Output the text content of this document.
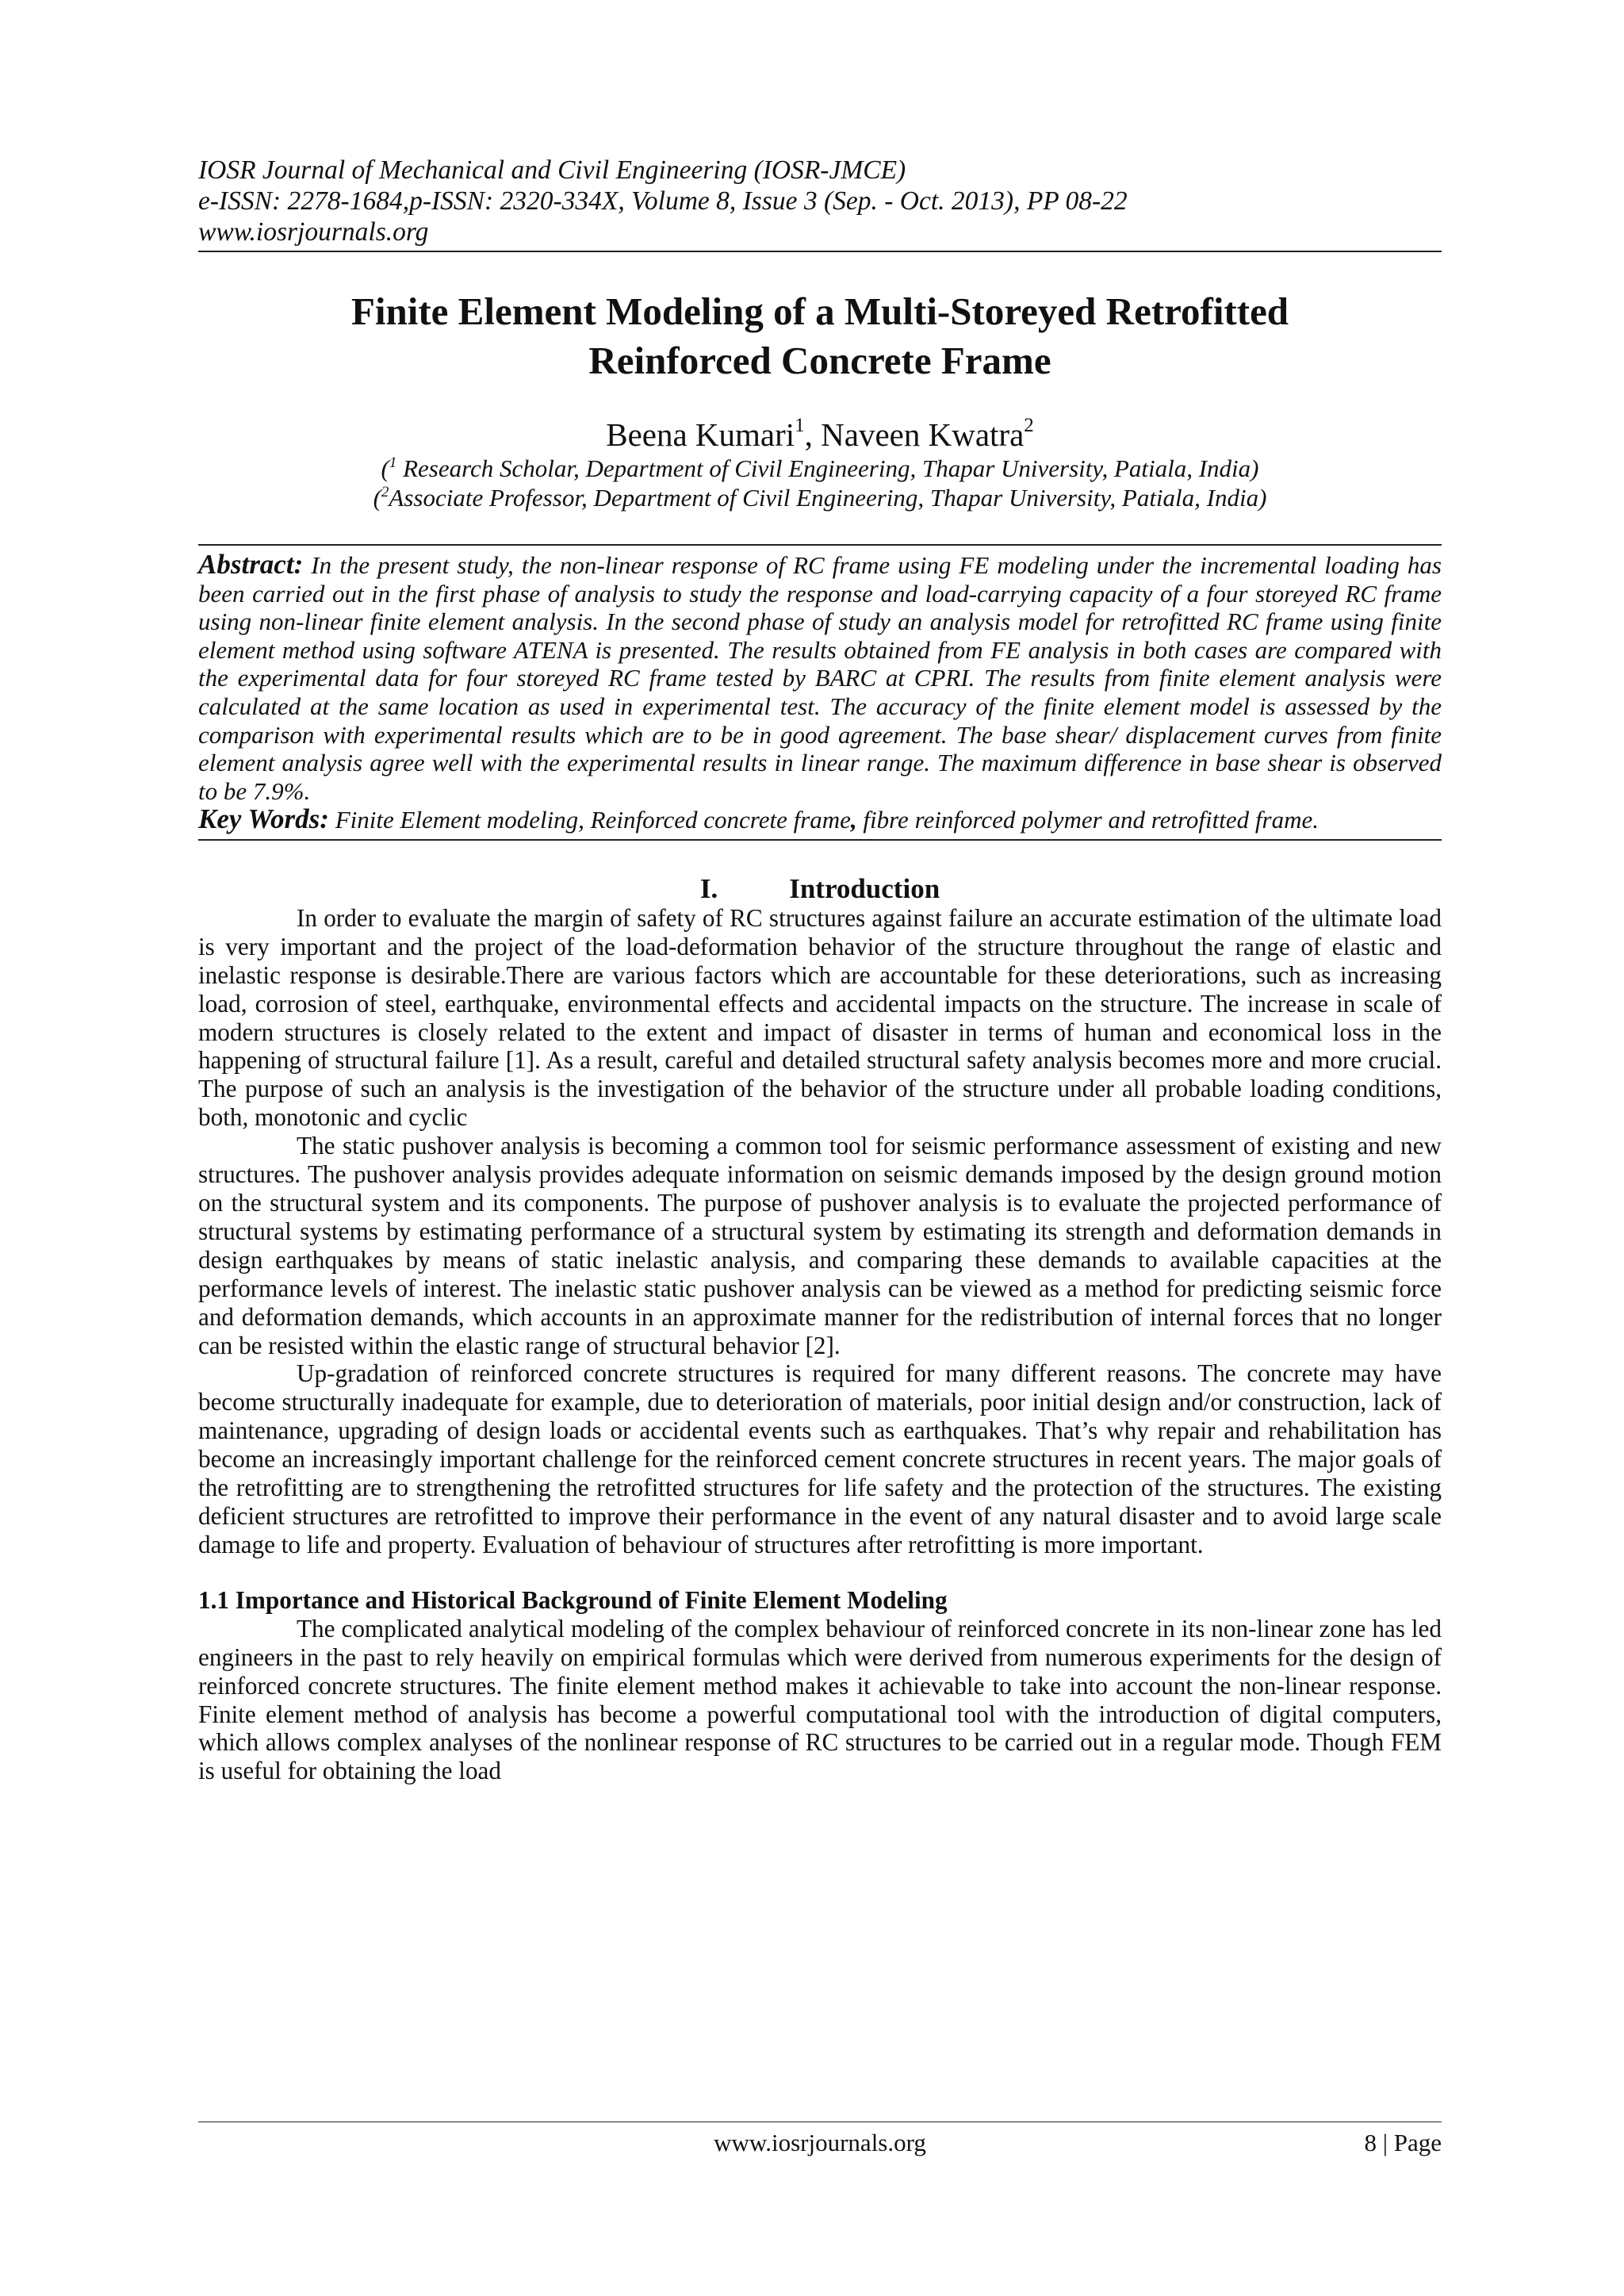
IOSR Journal of Mechanical and Civil Engineering (IOSR-JMCE)
e-ISSN: 2278-1684,p-ISSN: 2320-334X, Volume 8, Issue 3 (Sep. - Oct. 2013), PP 08-22
www.iosrjournals.org
Finite Element Modeling of a Multi-Storeyed Retrofitted
Reinforced Concrete Frame
Beena Kumari$^1$, Naveen Kwatra$^2$
($^1$ Research Scholar, Department of Civil Engineering, Thapar University, Patiala, India)
($^2$Associate Professor, Department of Civil Engineering, Thapar University, Patiala, India)

Abstract: In the present study, the non-linear response of RC frame using FE modeling under the incremental loading has been carried out in the first phase of analysis to study the response and load-carrying capacity of a four storeyed RC frame using non-linear finite element analysis. In the second phase of study an analysis model for retrofitted RC frame using finite element method using software ATENA is presented. The results obtained from FE analysis in both cases are compared with the experimental data for four storeyed RC frame tested by BARC at CPRI. The results from finite element analysis were calculated at the same location as used in experimental test. The accuracy of the finite element model is assessed by the comparison with experimental results which are to be in good agreement. The base shear/ displacement curves from finite element analysis agree well with the experimental results in linear range. The maximum difference in base shear is observed to be 7.9%.

Key Words: Finite Element modeling, Reinforced concrete frame, fibre reinforced polymer and retrofitted frame.
I.	Introduction

In order to evaluate the margin of safety of RC structures against failure an accurate estimation of the ultimate load is very important and the project of the load-deformation behavior of the structure throughout the range of elastic and inelastic response is desirable.There are various factors which are accountable for these deteriorations, such as increasing load, corrosion of steel, earthquake, environmental effects and accidental impacts on the structure. The increase in scale of modern structures is closely related to the extent and impact of disaster in terms of human and economical loss in the happening of structural failure [1]. As a result, careful and detailed structural safety analysis becomes more and more crucial. The purpose of such an analysis is the investigation of the behavior of the structure under all probable loading conditions, both, monotonic and cyclic

The static pushover analysis is becoming a common tool for seismic performance assessment of existing and new structures. The pushover analysis provides adequate information on seismic demands imposed by the design ground motion on the structural system and its components. The purpose of pushover analysis is to evaluate the projected performance of structural systems by estimating performance of a structural system by estimating its strength and deformation demands in design earthquakes by means of static inelastic analysis, and comparing these demands to available capacities at the performance levels of interest. The inelastic static pushover analysis can be viewed as a method for predicting seismic force and deformation demands, which accounts in an approximate manner for the redistribution of internal forces that no longer can be resisted within the elastic range of structural behavior [2].

Up-gradation of reinforced concrete structures is required for many different reasons. The concrete may have become structurally inadequate for example, due to deterioration of materials, poor initial design and/or construction, lack of maintenance, upgrading of design loads or accidental events such as earthquakes. That’s why repair and rehabilitation has become an increasingly important challenge for the reinforced cement concrete structures in recent years. The major goals of the retrofitting are to strengthening the retrofitted structures for life safety and the protection of the structures. The existing deficient structures are retrofitted to improve their performance in the event of any natural disaster and to avoid large scale damage to life and property. Evaluation of behaviour of structures after retrofitting is more important.

1.1 Importance and Historical Background of Finite Element Modeling

The complicated analytical modeling of the complex behaviour of reinforced concrete in its non-linear zone has led engineers in the past to rely heavily on empirical formulas which were derived from numerous experiments for the design of reinforced concrete structures. The finite element method makes it achievable to take into account the non-linear response. Finite element method of analysis has become a powerful computational tool with the introduction of digital computers, which allows complex analyses of the nonlinear response of RC structures to be carried out in a regular mode. Though FEM is useful for obtaining the load

www.iosrjournals.org	8 | Page
